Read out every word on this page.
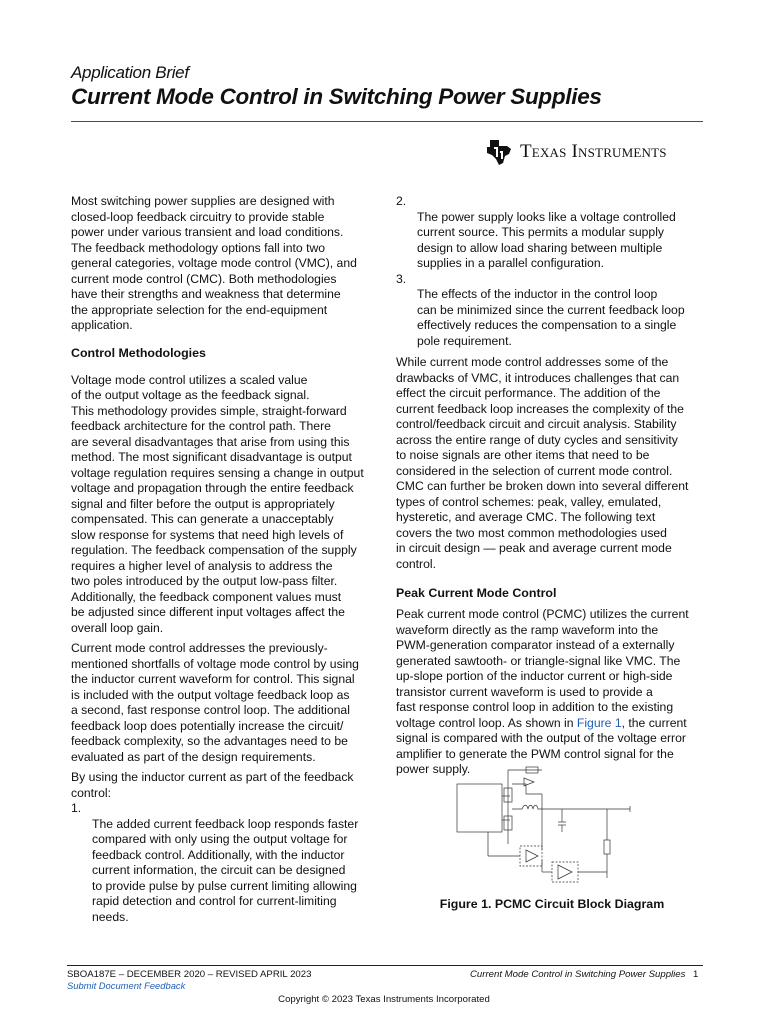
Application Brief
Current Mode Control in Switching Power Supplies
Texas Instruments

Most switching power supplies are designed with
closed-loop feedback circuitry to provide stable
power under various transient and load conditions.
The feedback methodology options fall into two
general categories, voltage mode control (VMC), and
current mode control (CMC). Both methodologies
have their strengths and weakness that determine
the appropriate selection for the end-equipment
application.

Control Methodologies

Voltage mode control utilizes a scaled value
of the output voltage as the feedback signal.
This methodology provides simple, straight-forward
feedback architecture for the control path. There
are several disadvantages that arise from using this
method. The most significant disadvantage is output
voltage regulation requires sensing a change in output
voltage and propagation through the entire feedback
signal and filter before the output is appropriately
compensated. This can generate a unacceptably
slow response for systems that need high levels of
regulation. The feedback compensation of the supply
requires a higher level of analysis to address the
two poles introduced by the output low-pass filter.
Additionally, the feedback component values must
be adjusted since different input voltages affect the
overall loop gain.

Current mode control addresses the previously-
mentioned shortfalls of voltage mode control by using
the inductor current waveform for control. This signal
is included with the output voltage feedback loop as
a second, fast response control loop. The additional
feedback loop does potentially increase the circuit/
feedback complexity, so the advantages need to be
evaluated as part of the design requirements.

By using the inductor current as part of the feedback
control:

1.
The added current feedback loop responds faster
compared with only using the output voltage for
feedback control. Additionally, with the inductor
current information, the circuit can be designed
to provide pulse by pulse current limiting allowing
rapid detection and control for current-limiting
needs.

2.
The power supply looks like a voltage controlled
current source. This permits a modular supply
design to allow load sharing between multiple
supplies in a parallel configuration.

3.
The effects of the inductor in the control loop
can be minimized since the current feedback loop
effectively reduces the compensation to a single
pole requirement.

While current mode control addresses some of the
drawbacks of VMC, it introduces challenges that can
effect the circuit performance. The addition of the
current feedback loop increases the complexity of the
control/feedback circuit and circuit analysis. Stability
across the entire range of duty cycles and sensitivity
to noise signals are other items that need to be
considered in the selection of current mode control.
CMC can further be broken down into several different
types of control schemes: peak, valley, emulated,
hysteretic, and average CMC. The following text
covers the two most common methodologies used
in circuit design — peak and average current mode
control.

Peak Current Mode Control

Peak current mode control (PCMC) utilizes the current
waveform directly as the ramp waveform into the
PWM-generation comparator instead of a externally
generated sawtooth- or triangle-signal like VMC. The
up-slope portion of the inductor current or high-side
transistor current waveform is used to provide a
fast response control loop in addition to the existing
voltage control loop. As shown in Figure 1, the current
signal is compared with the output of the voltage error
amplifier to generate the PWM control signal for the
power supply.

Figure 1. PCMC Circuit Block Diagram
SBOA187E – DECEMBER 2020 – REVISED APRIL 2023
Submit Document Feedback
Current Mode Control in Switching Power Supplies 1
Copyright © 2023 Texas Instruments Incorporated
